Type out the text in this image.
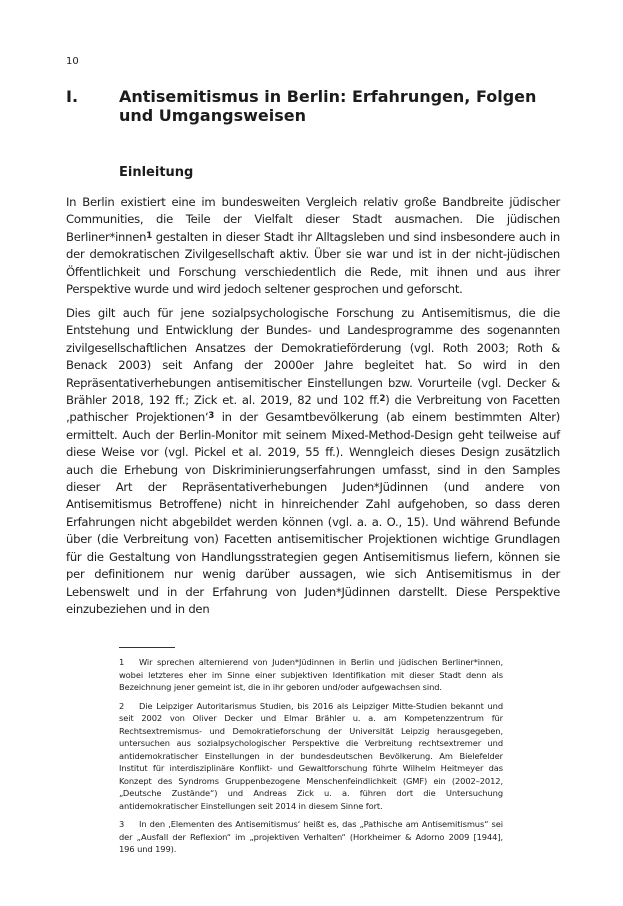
10
I.	Antisemitismus in Berlin: Erfahrungen, Folgen und Umgangsweisen
Einleitung

In Berlin existiert eine im bundesweiten Vergleich relativ große Bandbreite jüdischer Communities, die Teile der Vielfalt dieser Stadt ausmachen. Die jüdischen Berliner*innen$^1$ gestalten in dieser Stadt ihr Alltagsleben und sind insbesondere auch in der demokratischen Zivilgesellschaft aktiv. Über sie war und ist in der nicht-jüdischen Öffentlichkeit und Forschung verschiedentlich die Rede, mit ihnen und aus ihrer Perspektive wurde und wird jedoch seltener gesprochen und geforscht.

Dies gilt auch für jene sozialpsychologische Forschung zu Antisemitismus, die die Entstehung und Entwicklung der Bundes- und Landesprogramme des sogenannten zivilgesellschaftlichen Ansatzes der Demokratieförderung (vgl. Roth 2003; Roth & Benack 2003) seit Anfang der 2000er Jahre begleitet hat. So wird in den Repräsentativerhebungen antisemitischer Einstellungen bzw. Vorurteile (vgl. Decker & Brähler 2018, 192 ff.; Zick et. al. 2019, 82 und 102 ff.$^2$) die Verbreitung von Facetten ‚pathischer Projektionen‘$^3$ in der Gesamtbevölkerung (ab einem bestimmten Alter) ermittelt. Auch der Berlin-Monitor mit seinem Mixed-Method-Design geht teilweise auf diese Weise vor (vgl. Pickel et al. 2019, 55 ff.). Wenngleich dieses Design zusätzlich auch die Erhebung von Diskriminierungserfahrungen umfasst, sind in den Samples dieser Art der Repräsentativerhebungen Juden*Jüdinnen (und andere von Antisemitismus Betroffene) nicht in hinreichender Zahl aufgehoben, so dass deren Erfahrungen nicht abgebildet werden können (vgl. a. a. O., 15). Und während Befunde über (die Verbreitung von) Facetten antisemitischer Projektionen wichtige Grundlagen für die Gestaltung von Handlungsstrategien gegen Antisemitismus liefern, können sie per definitionem nur wenig darüber aussagen, wie sich Antisemitismus in der Lebenswelt und in der Erfahrung von Juden*Jüdinnen darstellt. Diese Perspektive einzubeziehen und in den

1 Wir sprechen alternierend von Juden*Jüdinnen in Berlin und jüdischen Berliner*innen, wobei letzteres eher im Sinne einer subjektiven Identifikation mit dieser Stadt denn als Bezeichnung jener gemeint ist, die in ihr geboren und/oder aufgewachsen sind.

2 Die Leipziger Autoritarismus Studien, bis 2016 als Leipziger Mitte-Studien bekannt und seit 2002 von Oliver Decker und Elmar Brähler u. a. am Kompetenzzentrum für Rechtsextremismus- und Demokratieforschung der Universität Leipzig herausgegeben, untersuchen aus sozialpsychologischer Perspektive die Verbreitung rechtsextremer und antidemokratischer Einstellungen in der bundesdeutschen Bevölkerung. Am Bielefelder Institut für interdisziplinäre Konflikt- und Gewaltforschung führte Wilhelm Heitmeyer das Konzept des Syndroms Gruppenbezogene Menschenfeindlichkeit (GMF) ein (2002–2012, „Deutsche Zustände“) und Andreas Zick u. a. führen dort die Untersuchung antidemokratischer Einstellungen seit 2014 in diesem Sinne fort.

3 In den ‚Elementen des Antisemitismus‘ heißt es, das „Pathische am Antisemitismus“ sei der „Ausfall der Reflexion“ im „projektiven Verhalten“ (Horkheimer & Adorno 2009 [1944], 196 und 199).
